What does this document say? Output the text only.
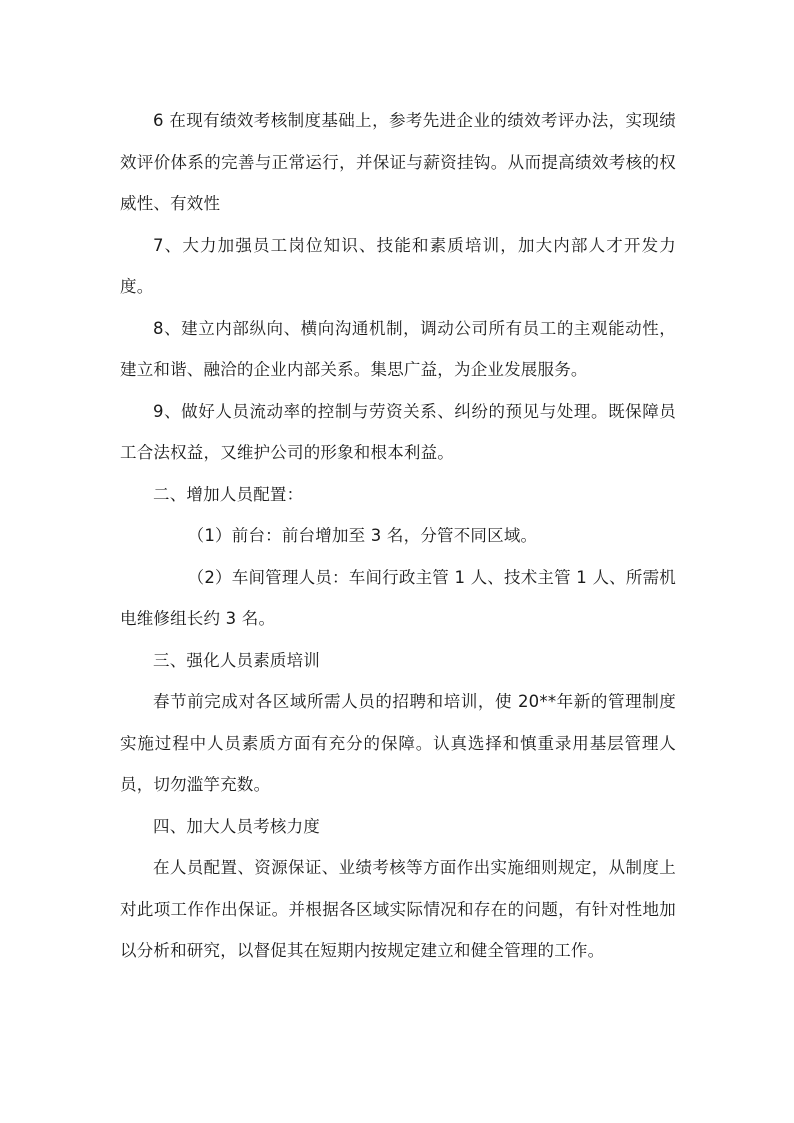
6 在现有绩效考核制度基础上，参考先进企业的绩效考评办法，实现绩效评价体系的完善与正常运行，并保证与薪资挂钩。从而提高绩效考核的权威性、有效性

7、大力加强员工岗位知识、技能和素质培训，加大内部人才开发力度。

8、建立内部纵向、横向沟通机制，调动公司所有员工的主观能动性，建立和谐、融洽的企业内部关系。集思广益，为企业发展服务。

9、做好人员流动率的控制与劳资关系、纠纷的预见与处理。既保障员工合法权益，又维护公司的形象和根本利益。

二、增加人员配置：

（1）前台：前台增加至 3 名，分管不同区域。

（2）车间管理人员：车间行政主管 1 人、技术主管 1 人、所需机电维修组长约 3 名。

三、强化人员素质培训

春节前完成对各区域所需人员的招聘和培训，使 20**年新的管理制度实施过程中人员素质方面有充分的保障。认真选择和慎重录用基层管理人员，切勿滥竽充数。

四、加大人员考核力度

在人员配置、资源保证、业绩考核等方面作出实施细则规定，从制度上对此项工作作出保证。并根据各区域实际情况和存在的问题，有针对性地加以分析和研究，以督促其在短期内按规定建立和健全管理的工作。
